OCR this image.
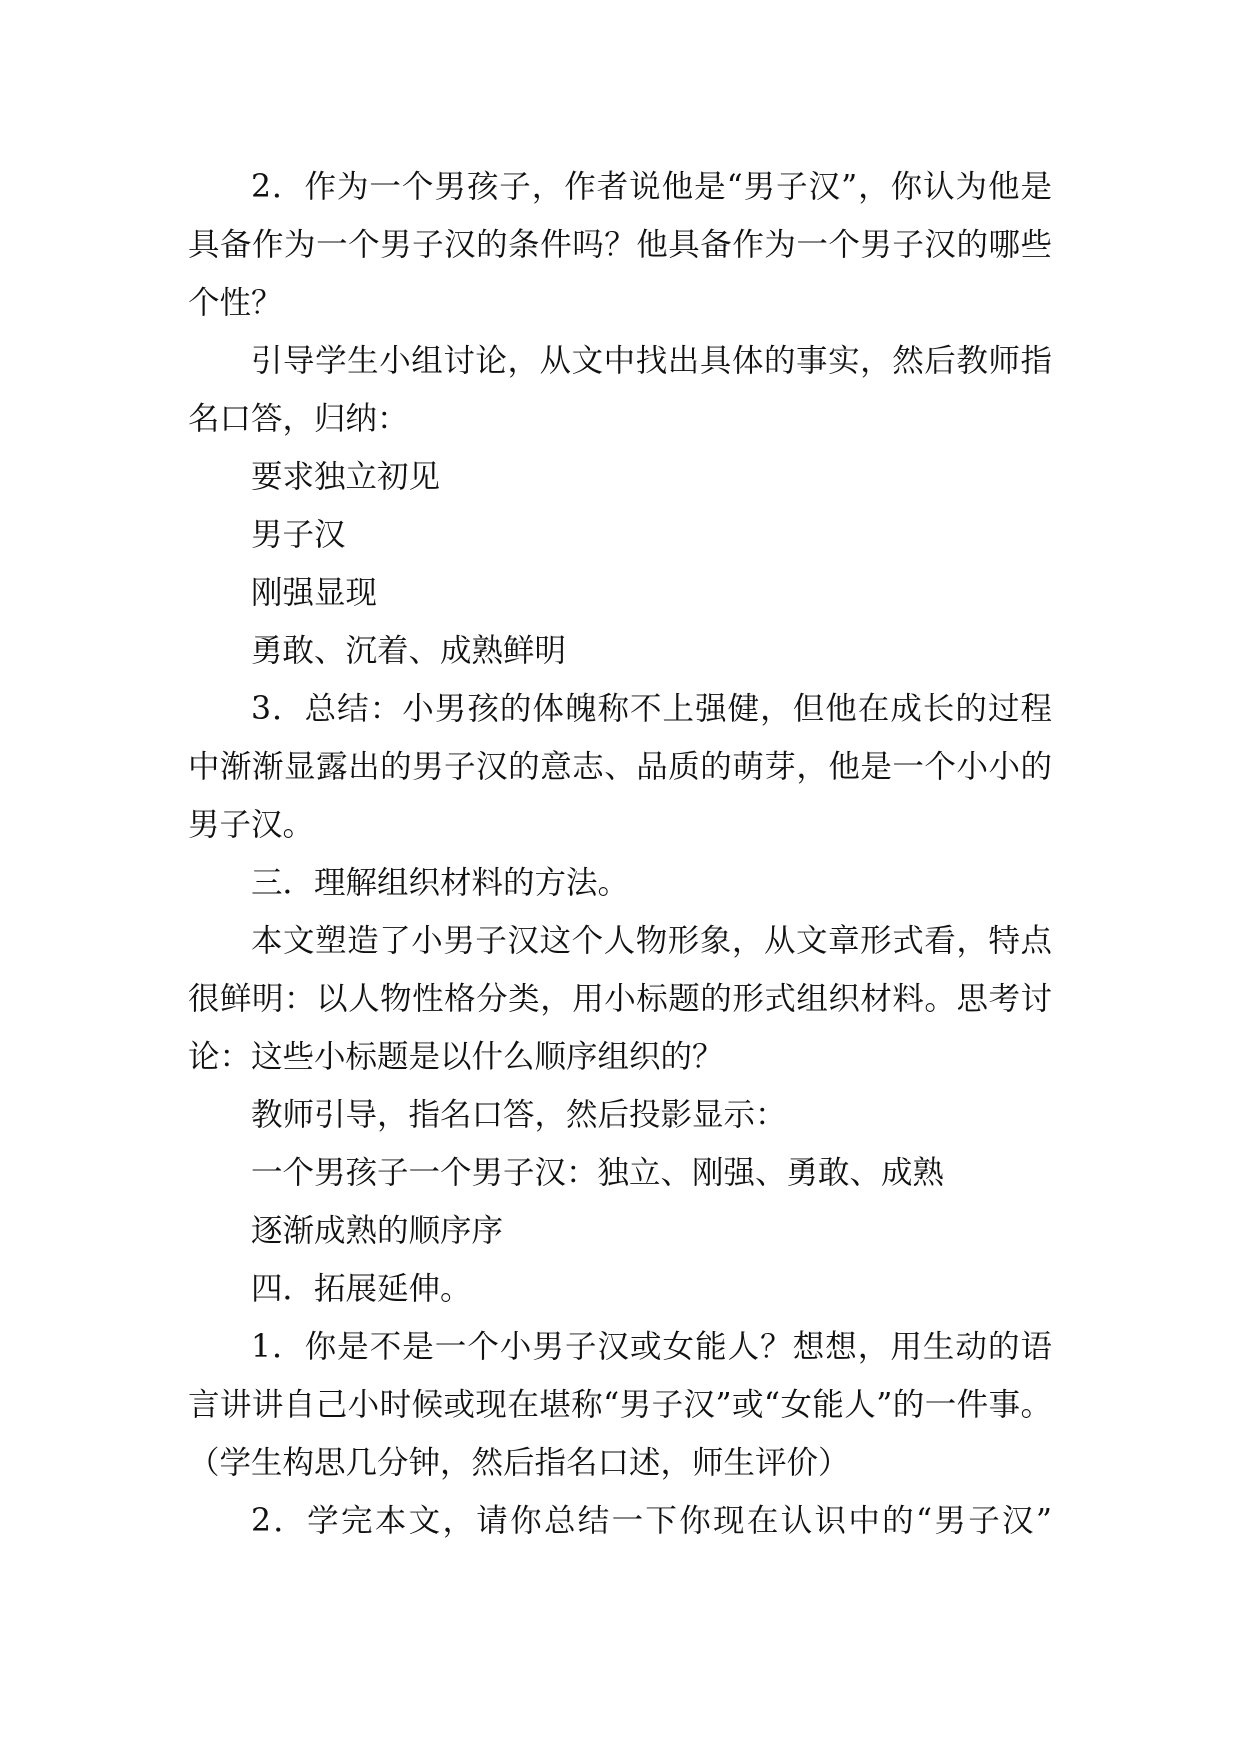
2．作为一个男孩子，作者说他是“男子汉”，你认为他是具备作为一个男子汉的条件吗？他具备作为一个男子汉的哪些个性？

引导学生小组讨论，从文中找出具体的事实，然后教师指名口答，归纳：

要求独立初见

男子汉

刚强显现

勇敢、沉着、成熟鲜明

3．总结：小男孩的体魄称不上强健，但他在成长的过程中渐渐显露出的男子汉的意志、品质的萌芽，他是一个小小的男子汉。

三．理解组织材料的方法。

本文塑造了小男子汉这个人物形象，从文章形式看，特点很鲜明：以人物性格分类，用小标题的形式组织材料。思考讨论：这些小标题是以什么顺序组织的？

教师引导，指名口答，然后投影显示：

一个男孩子一个男子汉：独立、刚强、勇敢、成熟

逐渐成熟的顺序序

四．拓展延伸。

1．你是不是一个小男子汉或女能人？想想，用生动的语言讲讲自己小时候或现在堪称“男子汉”或“女能人”的一件事。（学生构思几分钟，然后指名口述，师生评价）

2．学完本文，请你总结一下你现在认识中的“男子汉”
